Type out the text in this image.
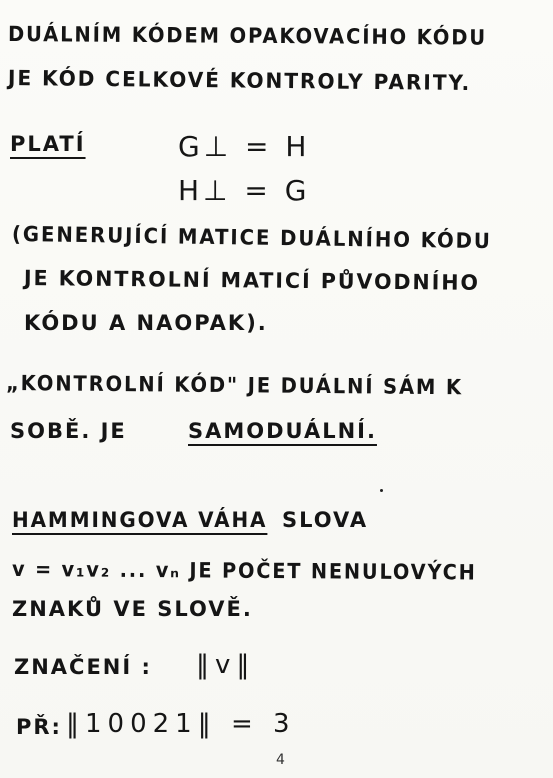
DUÁLNÍM KÓDEM OPAKOVACÍHO KÓDU
JE KÓD CELKOVÉ KONTROLY PARITY.
PLATÍ	G⊥ = H
H⊥ = G
(GENERUJÍCÍ MATICE DUÁLNÍHO KÓDU
JE KONTROLNÍ MATICÍ PŮVODNÍHO
KÓDU A NAOPAK).
„KONTROLNÍ KÓD" JE DUÁLNÍ SÁM K
SOBĚ. JE	SAMODUÁLNÍ.
HAMMINGOVA VÁHA SLOVA
v = v₁v₂ ... vₙ JE POČET NENULOVÝCH
ZNAKŮ VE SLOVĚ.
ZNAČENÍ : ‖v‖
PŘ: ‖10021‖ = 3
4
